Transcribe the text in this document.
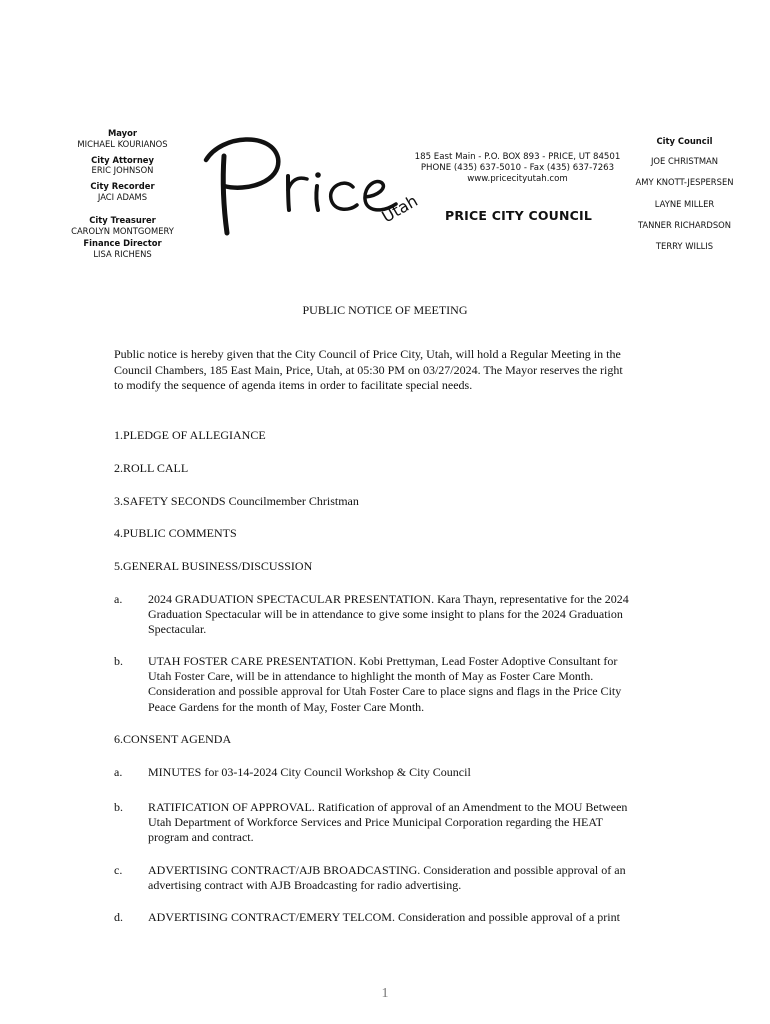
Mayor
MICHAEL KOURIANOS
City Attorney
ERIC JOHNSON
City Recorder
JACI ADAMS
City Treasurer
CAROLYN MONTGOMERY
Finance Director
LISA RICHENS
Utah
185 East Main - P.O. BOX 893 - PRICE, UT 84501
PHONE (435) 637-5010 - Fax (435) 637-7263
www.pricecityutah.com
PRICE CITY COUNCIL
City Council
JOE CHRISTMAN
AMY KNOTT-JESPERSEN
LAYNE MILLER
TANNER RICHARDSON
TERRY WILLIS
PUBLIC NOTICE OF MEETING
Public notice is hereby given that the City Council of Price City, Utah, will hold a Regular Meeting in the
Council Chambers, 185 East Main, Price, Utah, at 05:30 PM on 03/27/2024. The Mayor reserves the right
to modify the sequence of agenda items in order to facilitate special needs.
1.PLEDGE OF ALLEGIANCE
2.ROLL CALL
3.SAFETY SECONDS Councilmember Christman
4.PUBLIC COMMENTS
5.GENERAL BUSINESS/DISCUSSION
a. 2024 GRADUATION SPECTACULAR PRESENTATION. Kara Thayn, representative for the 2024
Graduation Spectacular will be in attendance to give some insight to plans for the 2024 Graduation
Spectacular.
b. UTAH FOSTER CARE PRESENTATION. Kobi Prettyman, Lead Foster Adoptive Consultant for
Utah Foster Care, will be in attendance to highlight the month of May as Foster Care Month.
Consideration and possible approval for Utah Foster Care to place signs and flags in the Price City
Peace Gardens for the month of May, Foster Care Month.
6.CONSENT AGENDA
a. MINUTES for 03-14-2024 City Council Workshop & City Council
b. RATIFICATION OF APPROVAL. Ratification of approval of an Amendment to the MOU Between
Utah Department of Workforce Services and Price Municipal Corporation regarding the HEAT
program and contract.
c. ADVERTISING CONTRACT/AJB BROADCASTING. Consideration and possible approval of an
advertising contract with AJB Broadcasting for radio advertising.
d. ADVERTISING CONTRACT/EMERY TELCOM. Consideration and possible approval of a print
1
